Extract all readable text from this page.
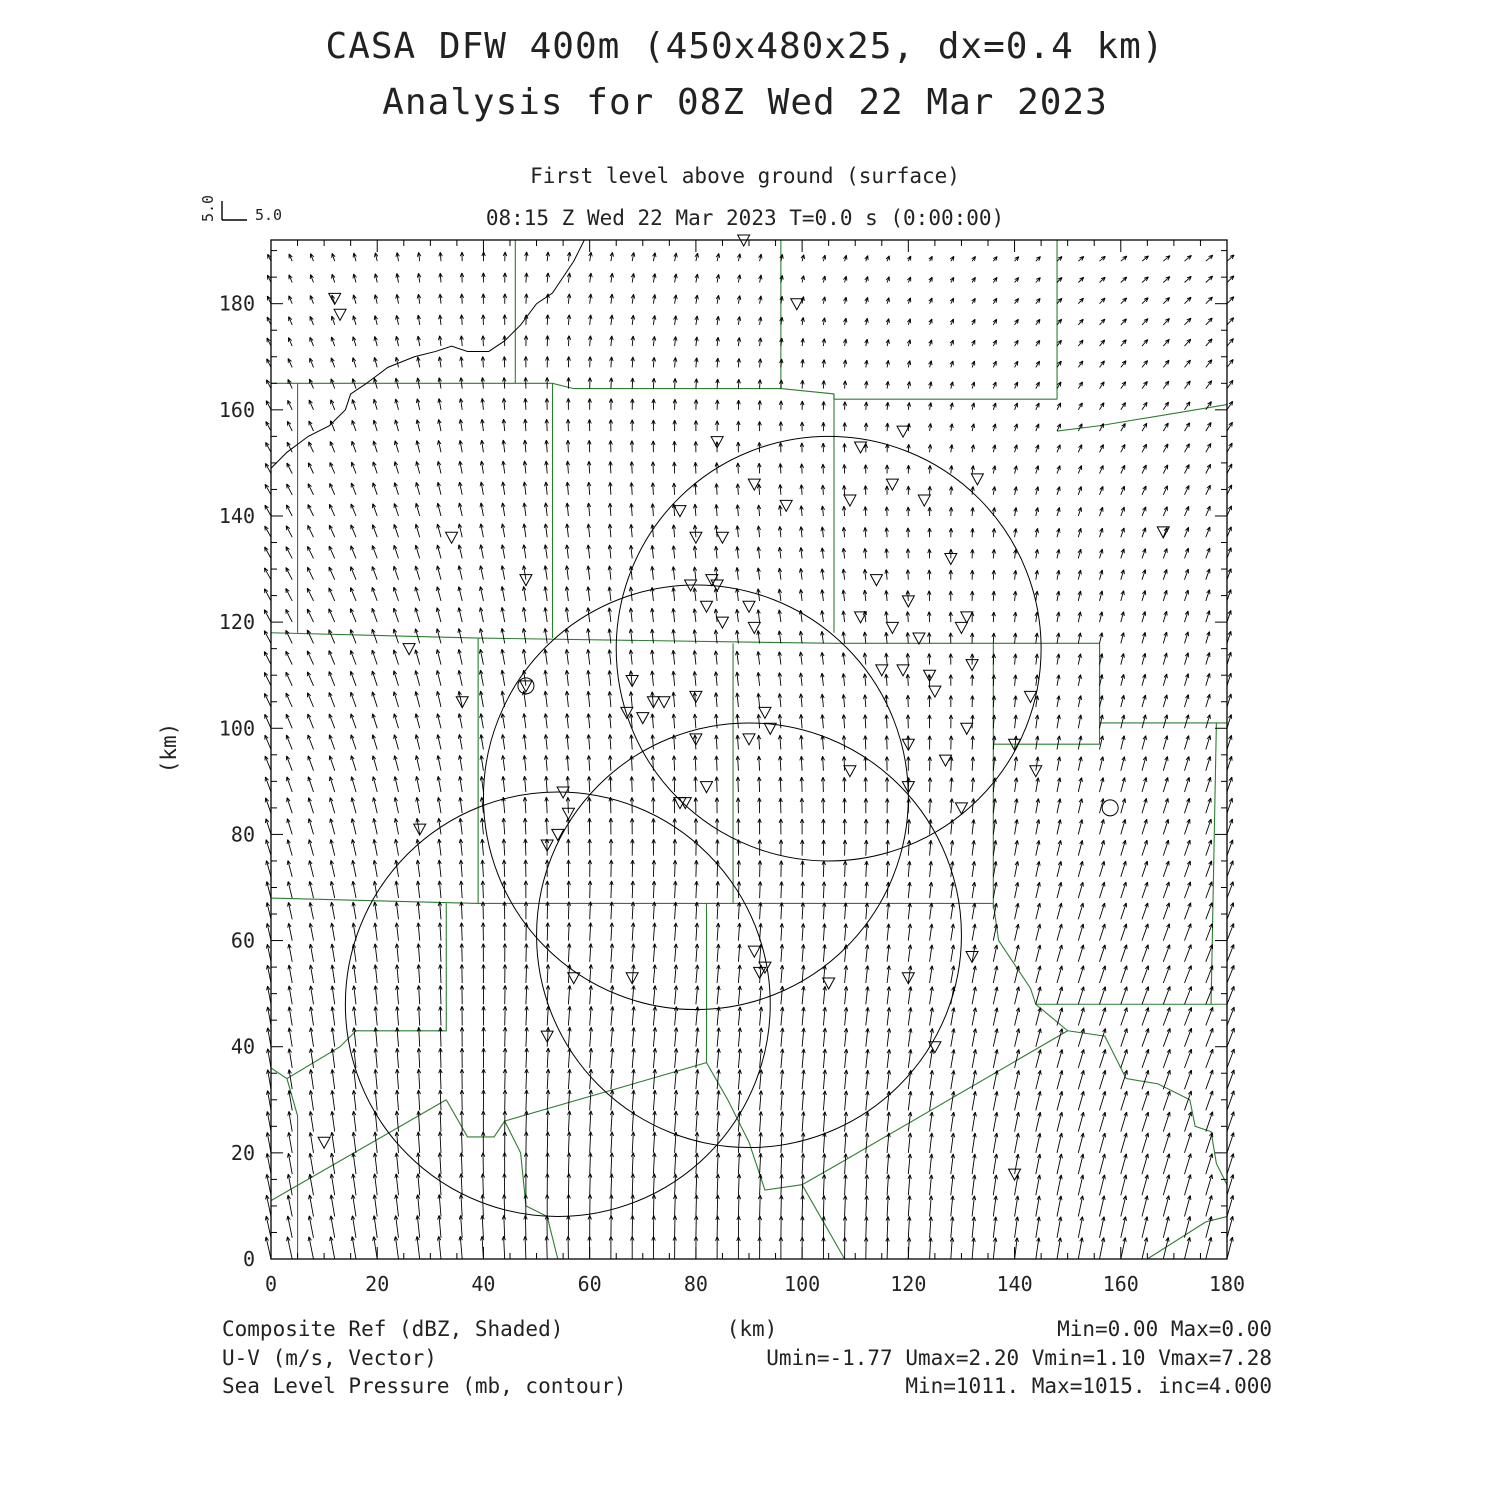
CASA DFW 400m (450x480x25, dx=0.4 km)
Analysis for 08Z Wed 22 Mar 2023
First level above ground (surface)
08:15 Z Wed 22 Mar 2023 T=0.0 s (0:00:00)
5.0
5.0
0	20	40	60	80	100	120	140	160	180
0
20
40
60
80
100
120
140
160
180
(km)
Composite Ref (dBZ, Shaded)
U-V (m/s, Vector)
Sea Level Pressure (mb, contour)
(km)	Min=0.00 Max=0.00
Umin=-1.77 Umax=2.20 Vmin=1.10 Vmax=7.28
Min=1011. Max=1015. inc=4.000
